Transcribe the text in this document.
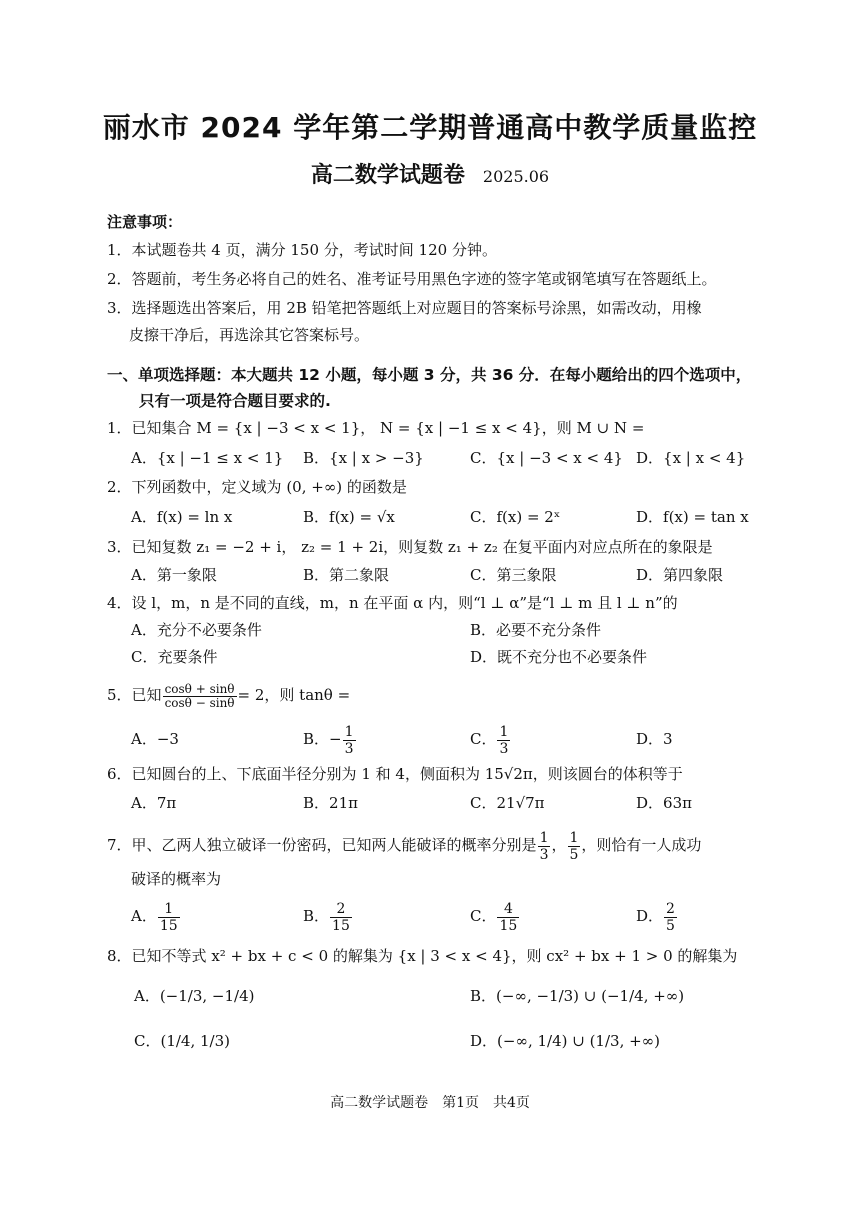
丽水市 2024 学年第二学期普通高中教学质量监控
高二数学试题卷 2025.06
注意事项：
1．本试题卷共 4 页，满分 150 分，考试时间 120 分钟。
2．答题前，考生务必将自己的姓名、准考证号用黑色字迹的签字笔或钢笔填写在答题纸上。
3．选择题选出答案后，用 2B 铅笔把答题纸上对应题目的答案标号涂黑，如需改动，用橡
皮擦干净后，再选涂其它答案标号。
一、单项选择题：本大题共 12 小题，每小题 3 分，共 36 分．在每小题给出的四个选项中，
只有一项是符合题目要求的.
1．已知集合 M = {x | −3 < x < 1}， N = {x | −1 ≤ x < 4}，则 M ∪ N =
A．{x | −1 ≤ x < 1} B．{x | x > −3}	C．{x | −3 < x < 4} D．{x | x < 4}
2．下列函数中，定义域为 (0, +∞) 的函数是
A．f(x) = ln x	B．f(x) = √x	C．f(x) = 2ˣ	D．f(x) = tan x
3．已知复数 z₁ = −2 + i， z₂ = 1 + 2i，则复数 z₁ + z₂ 在复平面内对应点所在的象限是
A．第一象限	B．第二象限	C．第三象限	D．第四象限
4．设 l，m，n 是不同的直线，m，n 在平面 α 内，则“l ⊥ α”是“l ⊥ m 且 l ⊥ n”的
A．充分不必要条件	B．必要不充分条件
C．充要条件	D．既不充分也不必要条件
5．已知 $\frac{\cos\theta + \sin\theta}{\cos\theta - \sin\theta} = 2$，则 tanθ =
A．−3	B．− $\frac{1}{3}$	C． $\frac{1}{3}$	D．3
6．已知圆台的上、下底面半径分别为 1 和 4，侧面积为 15√2π，则该圆台的体积等于
A．7π	B．21π	C．21√7π	D．63π
7．甲、乙两人独立破译一份密码，已知两人能破译的概率分别是 $\frac{1}{3}$ ， $\frac{1}{5}$ ，则恰有一人成功
破译的概率为
A． $\frac{1}{15}$	B． $\frac{2}{15}$	C． $\frac{4}{15}$	D． $\frac{2}{5}$
8．已知不等式 x² + bx + c < 0 的解集为 {x | 3 < x < 4}，则 cx² + bx + 1 > 0 的解集为
A．(−1/3, −1/4)	B．(−∞, −1/3) ∪ (−1/4, +∞)
C．(1/4, 1/3)	D．(−∞, 1/4) ∪ (1/3, +∞)
高二数学试题卷　第1页　共4页
